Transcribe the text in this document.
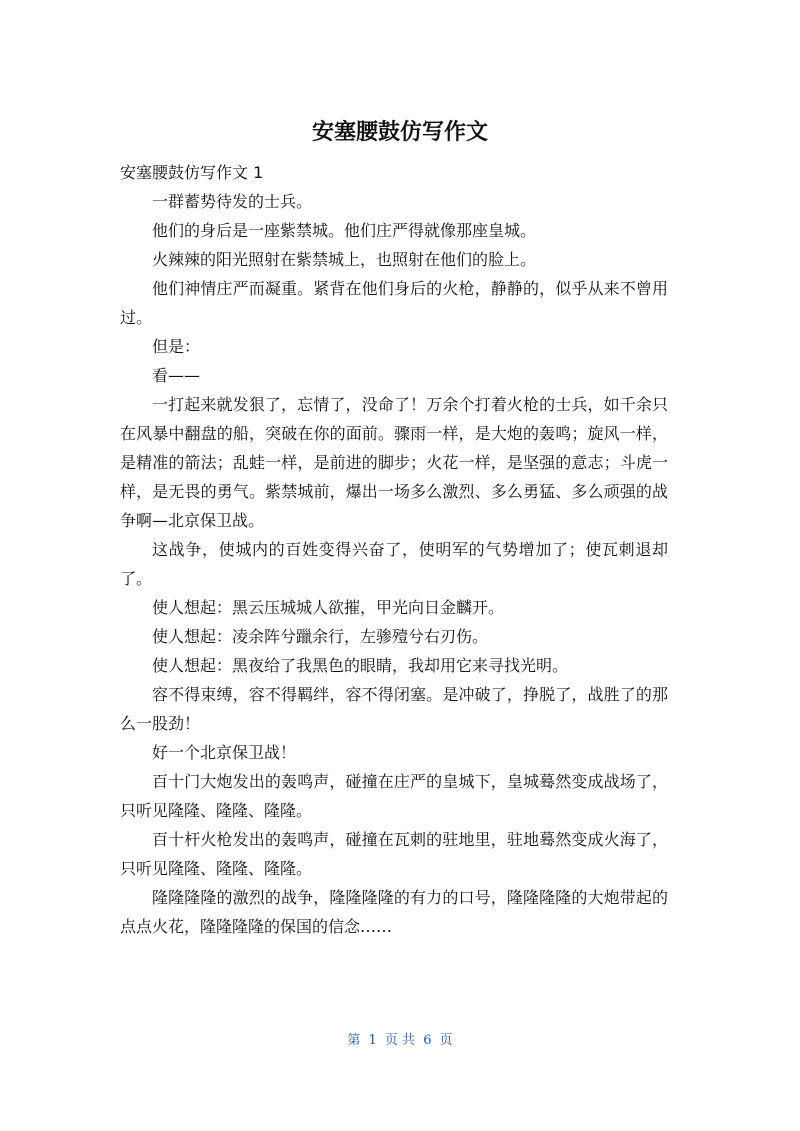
安塞腰鼓仿写作文

安塞腰鼓仿写作文 1

一群蓄势待发的士兵。

他们的身后是一座紫禁城。他们庄严得就像那座皇城。

火辣辣的阳光照射在紫禁城上，也照射在他们的脸上。

他们神情庄严而凝重。紧背在他们身后的火枪，静静的，似乎从来不曾用过。

但是：

看——

一打起来就发狠了，忘情了，没命了！万余个打着火枪的士兵，如千余只在风暴中翻盘的船，突破在你的面前。骤雨一样，是大炮的轰鸣；旋风一样，是精准的箭法；乱蛙一样，是前进的脚步；火花一样，是坚强的意志；斗虎一样，是无畏的勇气。紫禁城前，爆出一场多么激烈、多么勇猛、多么顽强的战争啊—北京保卫战。

这战争，使城内的百姓变得兴奋了，使明军的气势增加了；使瓦刺退却了。

使人想起：黑云压城城人欲摧，甲光向日金麟开。

使人想起：凌余阵兮躐余行，左骖殪兮右刃伤。

使人想起：黑夜给了我黑色的眼睛，我却用它来寻找光明。

容不得束缚，容不得羁绊，容不得闭塞。是冲破了，挣脱了，战胜了的那么一股劲！

好一个北京保卫战！

百十门大炮发出的轰鸣声，碰撞在庄严的皇城下，皇城蓦然变成战场了，只听见隆隆、隆隆、隆隆。

百十杆火枪发出的轰鸣声，碰撞在瓦刺的驻地里，驻地蓦然变成火海了，只听见隆隆、隆隆、隆隆。

隆隆隆隆的激烈的战争，隆隆隆隆的有力的口号，隆隆隆隆的大炮带起的点点火花，隆隆隆隆的保国的信念……

第 1 页 共 6 页
